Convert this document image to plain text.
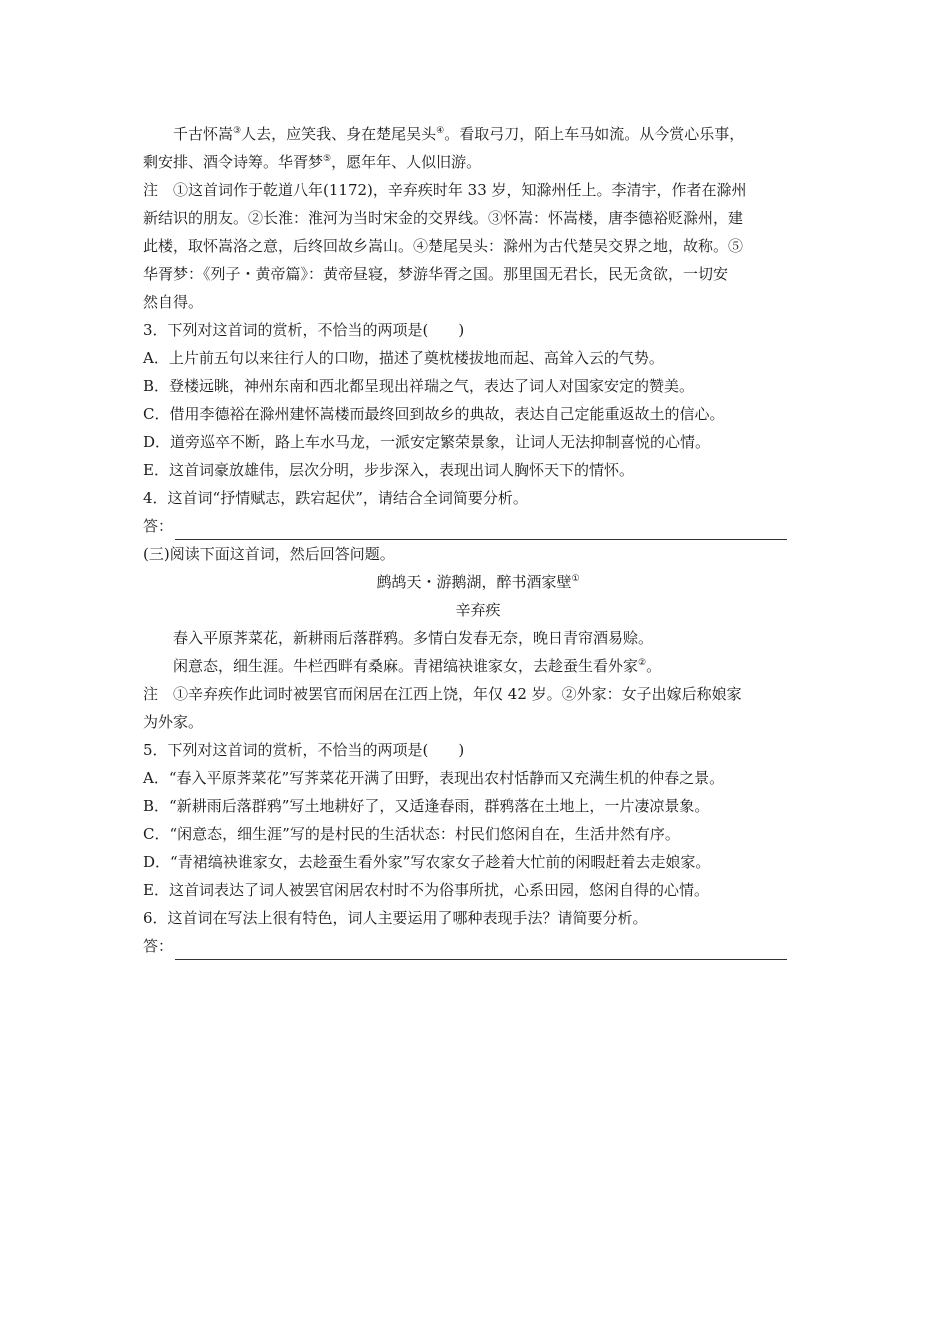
千古怀嵩③人去，应笑我、身在楚尾吴头④。看取弓刀，陌上车马如流。从今赏心乐事，
剩安排、酒令诗筹。华胥梦⑤，愿年年、人似旧游。
注　①这首词作于乾道八年(1172)，辛弃疾时年 33 岁，知滁州任上。李清宇，作者在滁州
新结识的朋友。②长淮：淮河为当时宋金的交界线。③怀嵩：怀嵩楼，唐李德裕贬滁州，建
此楼，取怀嵩洛之意，后终回故乡嵩山。④楚尾吴头：滁州为古代楚吴交界之地，故称。⑤
华胥梦：《列子・黄帝篇》：黄帝昼寝，梦游华胥之国。那里国无君长，民无贪欲，一切安
然自得。
3．下列对这首词的赏析，不恰当的两项是(　　)
A．上片前五句以来往行人的口吻，描述了奠枕楼拔地而起、高耸入云的气势。
B．登楼远眺，神州东南和西北都呈现出祥瑞之气，表达了词人对国家安定的赞美。
C．借用李德裕在滁州建怀嵩楼而最终回到故乡的典故，表达自己定能重返故土的信心。
D．道旁巡卒不断，路上车水马龙，一派安定繁荣景象，让词人无法抑制喜悦的心情。
E．这首词豪放雄伟，层次分明，步步深入，表现出词人胸怀天下的情怀。
4．这首词“抒情赋志，跌宕起伏”，请结合全词简要分析。
答：
(三)阅读下面这首词，然后回答问题。
鹧鸪天・游鹅湖，醉书酒家壁①
辛弃疾
春入平原荠菜花，新耕雨后落群鸦。多情白发春无奈，晚日青帘酒易赊。
闲意态，细生涯。牛栏西畔有桑麻。青裙缟袂谁家女，去趁蚕生看外家②。
注　①辛弃疾作此词时被罢官而闲居在江西上饶，年仅 42 岁。②外家：女子出嫁后称娘家
为外家。
5．下列对这首词的赏析，不恰当的两项是(　　)
A．“春入平原荠菜花”写荠菜花开满了田野，表现出农村恬静而又充满生机的仲春之景。
B．“新耕雨后落群鸦”写土地耕好了，又适逢春雨，群鸦落在土地上，一片凄凉景象。
C．“闲意态，细生涯”写的是村民的生活状态：村民们悠闲自在，生活井然有序。
D．“青裙缟袂谁家女，去趁蚕生看外家”写农家女子趁着大忙前的闲暇赶着去走娘家。
E．这首词表达了词人被罢官闲居农村时不为俗事所扰，心系田园，悠闲自得的心情。
6．这首词在写法上很有特色，词人主要运用了哪种表现手法？请简要分析。
答：
